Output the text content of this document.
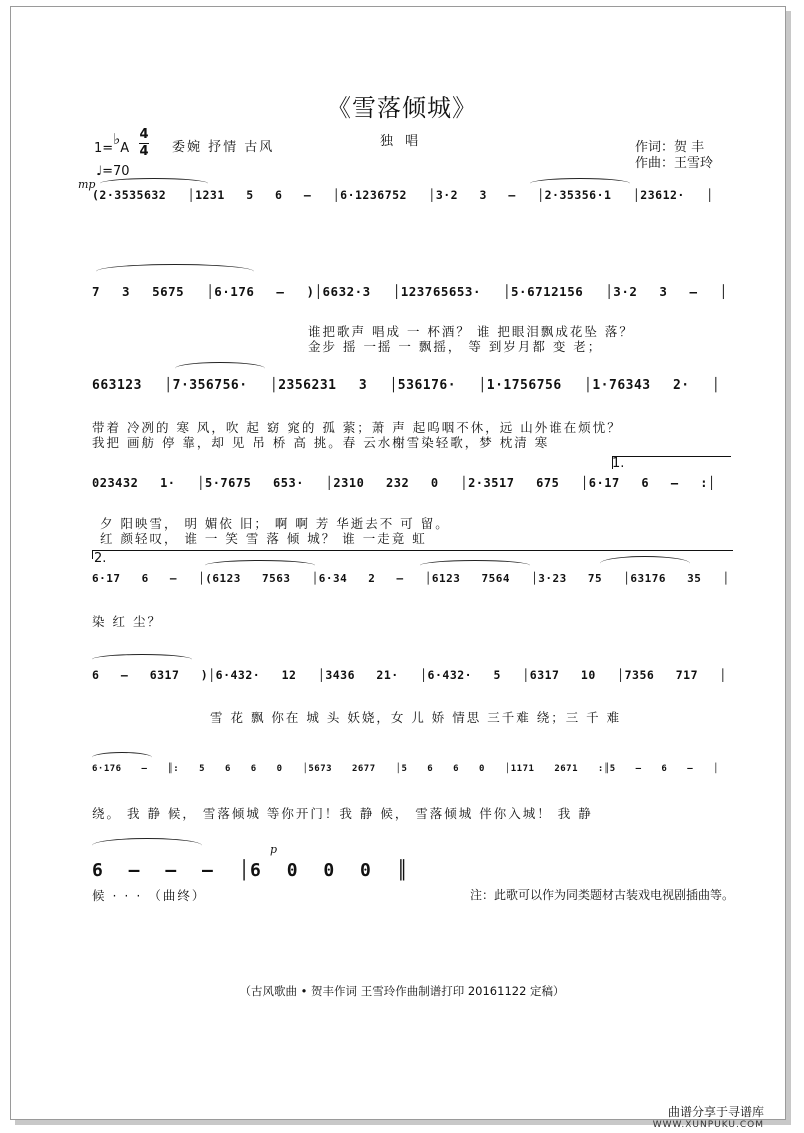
《雪落倾城》
1=♭A
4
4
♩=70
委婉 抒情 古风	独 唱	作词：贺 丰
作曲：王雪玲
mp
(2·3535632 │1231 5 6 – │6·1236752 │3·2 3 – │2·35356·1 │23612· │
7 3 5675 │6·176 – )│6632·3 │123765653· │5·6712156 │3·2 3 – │
谁把歌声 唱成 一 杯酒？ 谁 把眼泪飘成花坠 落？
金步 摇 一摇 一 飘摇， 等 到岁月都 变 老；
663123 │7·356756· │2356231 3 │536176· │1·1756756 │1·76343 2· │
带着 冷冽的 寒 风，吹 起 窈 窕的 孤 萦；萧 声 起呜咽不休，远 山外谁在烦忧？
我把 画舫 停 靠，却 见 吊 桥 高 挑。春 云水榭雪染轻歌，梦 枕清 寒
1.
023432 1· │5·7675 653· │2310 232 0 │2·3517 675 │6·17 6 – :│
夕 阳映雪， 明 媚依 旧； 啊 啊 芳 华逝去不 可 留。
红 颜轻叹， 谁 一 笑 雪 落 倾 城？ 谁 一走竟 虹
2.
6·17 6 – │(6123 7563 │6·34 2 – │6123 7564 │3·23 75 │63176 35 │
染 红 尘？
6 – 6317 )│6·432· 12 │3436 21· │6·432· 5 │6317 10 │7356 717 │
雪 花 飘 你在 城 头 妖娆，女 儿 娇 情思 三千难 绕；三 千 难
6·176 – ║: 5 6 6 0 │5673 2677 │5 6 6 0 │1171 2671 :║5 – 6 – │
绕。 我 静 候， 雪落倾城 等你开门！我 静 候， 雪落倾城 伴你入城！ 我 静
p
6 – – – │6 0 0 0 ║
候 · · · （曲终）	注：此歌可以作为同类题材古装戏电视剧插曲等。
（古风歌曲 • 贺丰作词 王雪玲作曲制谱打印 20161122 定稿）
曲谱分享于寻谱库
WWW.XUNPUKU.COM
